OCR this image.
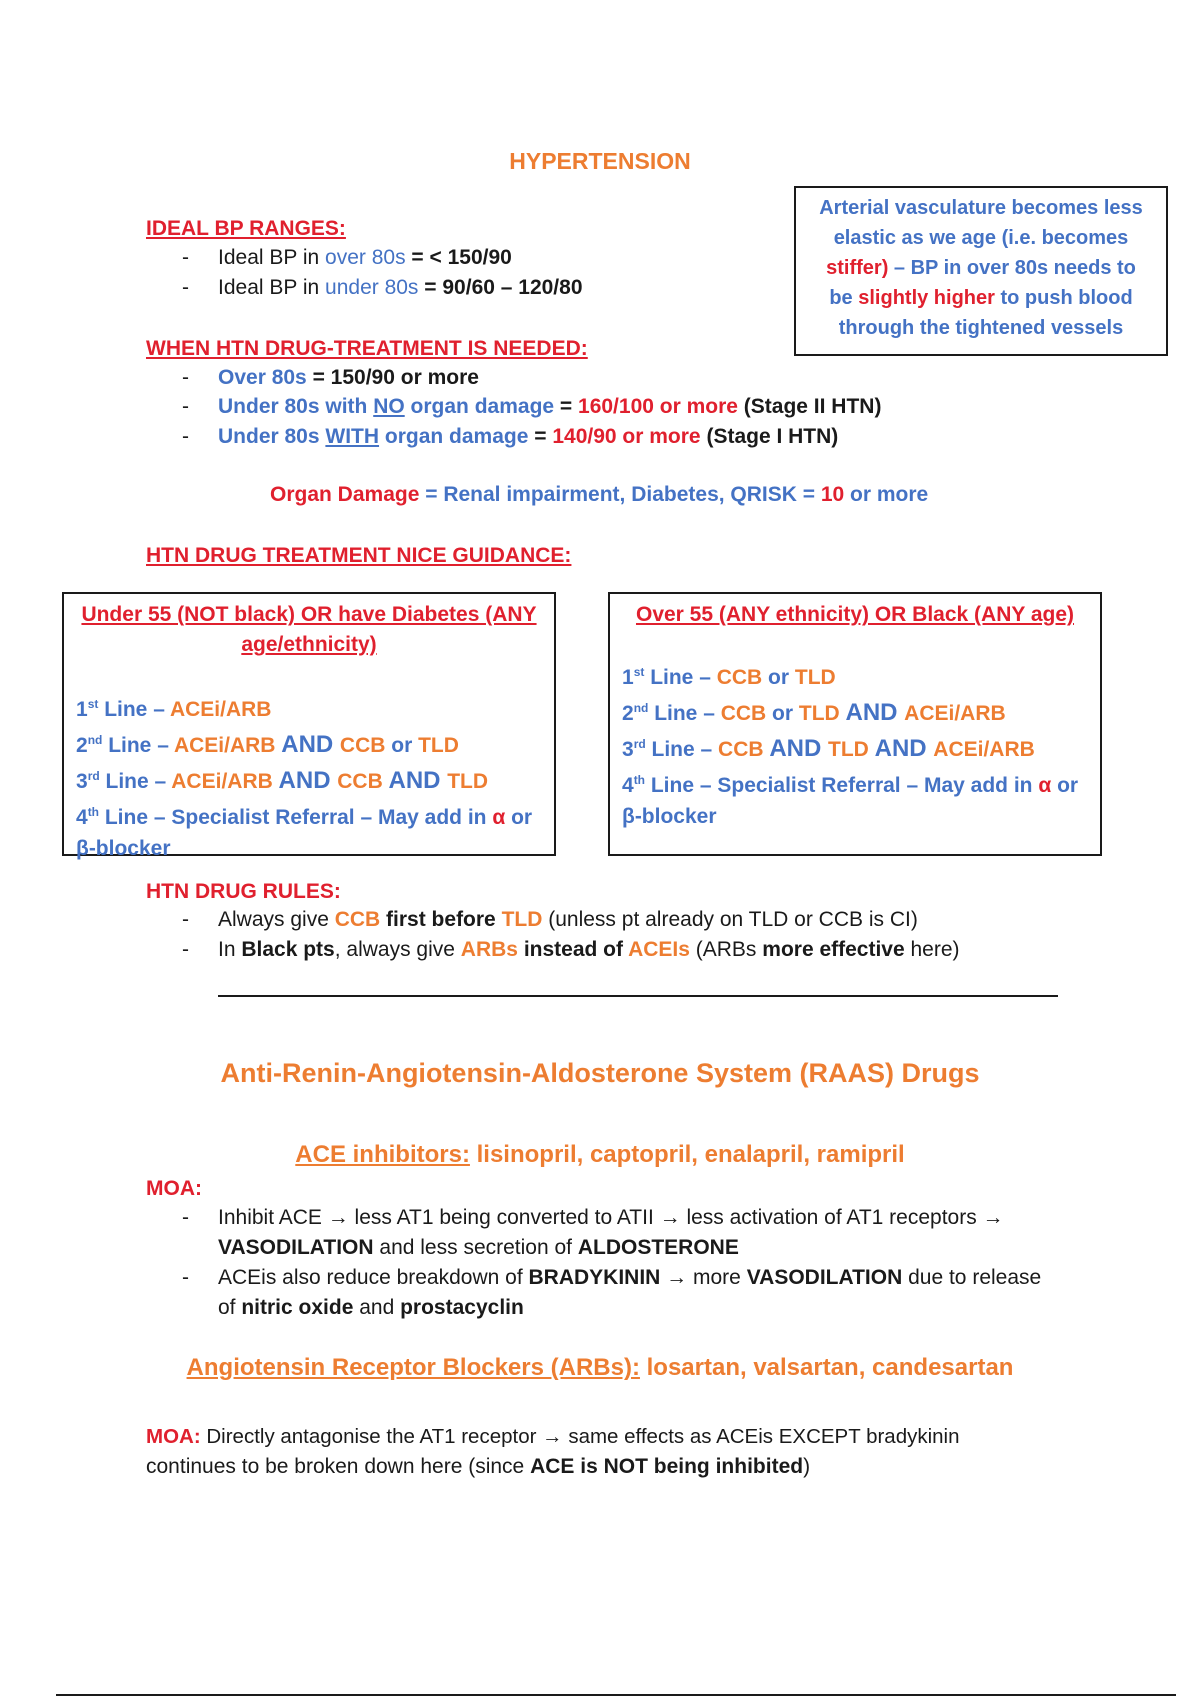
HYPERTENSION
Arterial vasculature becomes less
elastic as we age (i.e. becomes
stiffer) – BP in over 80s needs to
be slightly higher to push blood
through the tightened vessels
IDEAL BP RANGES:
- Ideal BP in over 80s = < 150/90
- Ideal BP in under 80s = 90/60 – 120/80
WHEN HTN DRUG-TREATMENT IS NEEDED:
- Over 80s = 150/90 or more
- Under 80s with NO organ damage = 160/100 or more (Stage II HTN)
- Under 80s WITH organ damage = 140/90 or more (Stage I HTN)
Organ Damage = Renal impairment, Diabetes, QRISK = 10 or more
HTN DRUG TREATMENT NICE GUIDANCE:
Under 55 (NOT black) OR have Diabetes (ANY
age/ethnicity)
1st Line – ACEi/ARB
2nd Line – ACEi/ARB AND CCB or TLD
3rd Line – ACEi/ARB AND CCB AND TLD
4th Line – Specialist Referral – May add in α or
β-blocker
Over 55 (ANY ethnicity) OR Black (ANY age)
1st Line – CCB or TLD
2nd Line – CCB or TLD AND ACEi/ARB
3rd Line – CCB AND TLD AND ACEi/ARB
4th Line – Specialist Referral – May add in α or
β-blocker
HTN DRUG RULES:
- Always give CCB first before TLD (unless pt already on TLD or CCB is CI)
- In Black pts, always give ARBs instead of ACEIs (ARBs more effective here)
Anti-Renin-Angiotensin-Aldosterone System (RAAS) Drugs
ACE inhibitors: lisinopril, captopril, enalapril, ramipril
MOA:
- Inhibit ACE → less AT1 being converted to ATII → less activation of AT1 receptors →
VASODILATION and less secretion of ALDOSTERONE
- ACEis also reduce breakdown of BRADYKININ → more VASODILATION due to release
of nitric oxide and prostacyclin
Angiotensin Receptor Blockers (ARBs): losartan, valsartan, candesartan
MOA: Directly antagonise the AT1 receptor → same effects as ACEis EXCEPT bradykinin
continues to be broken down here (since ACE is NOT being inhibited)
